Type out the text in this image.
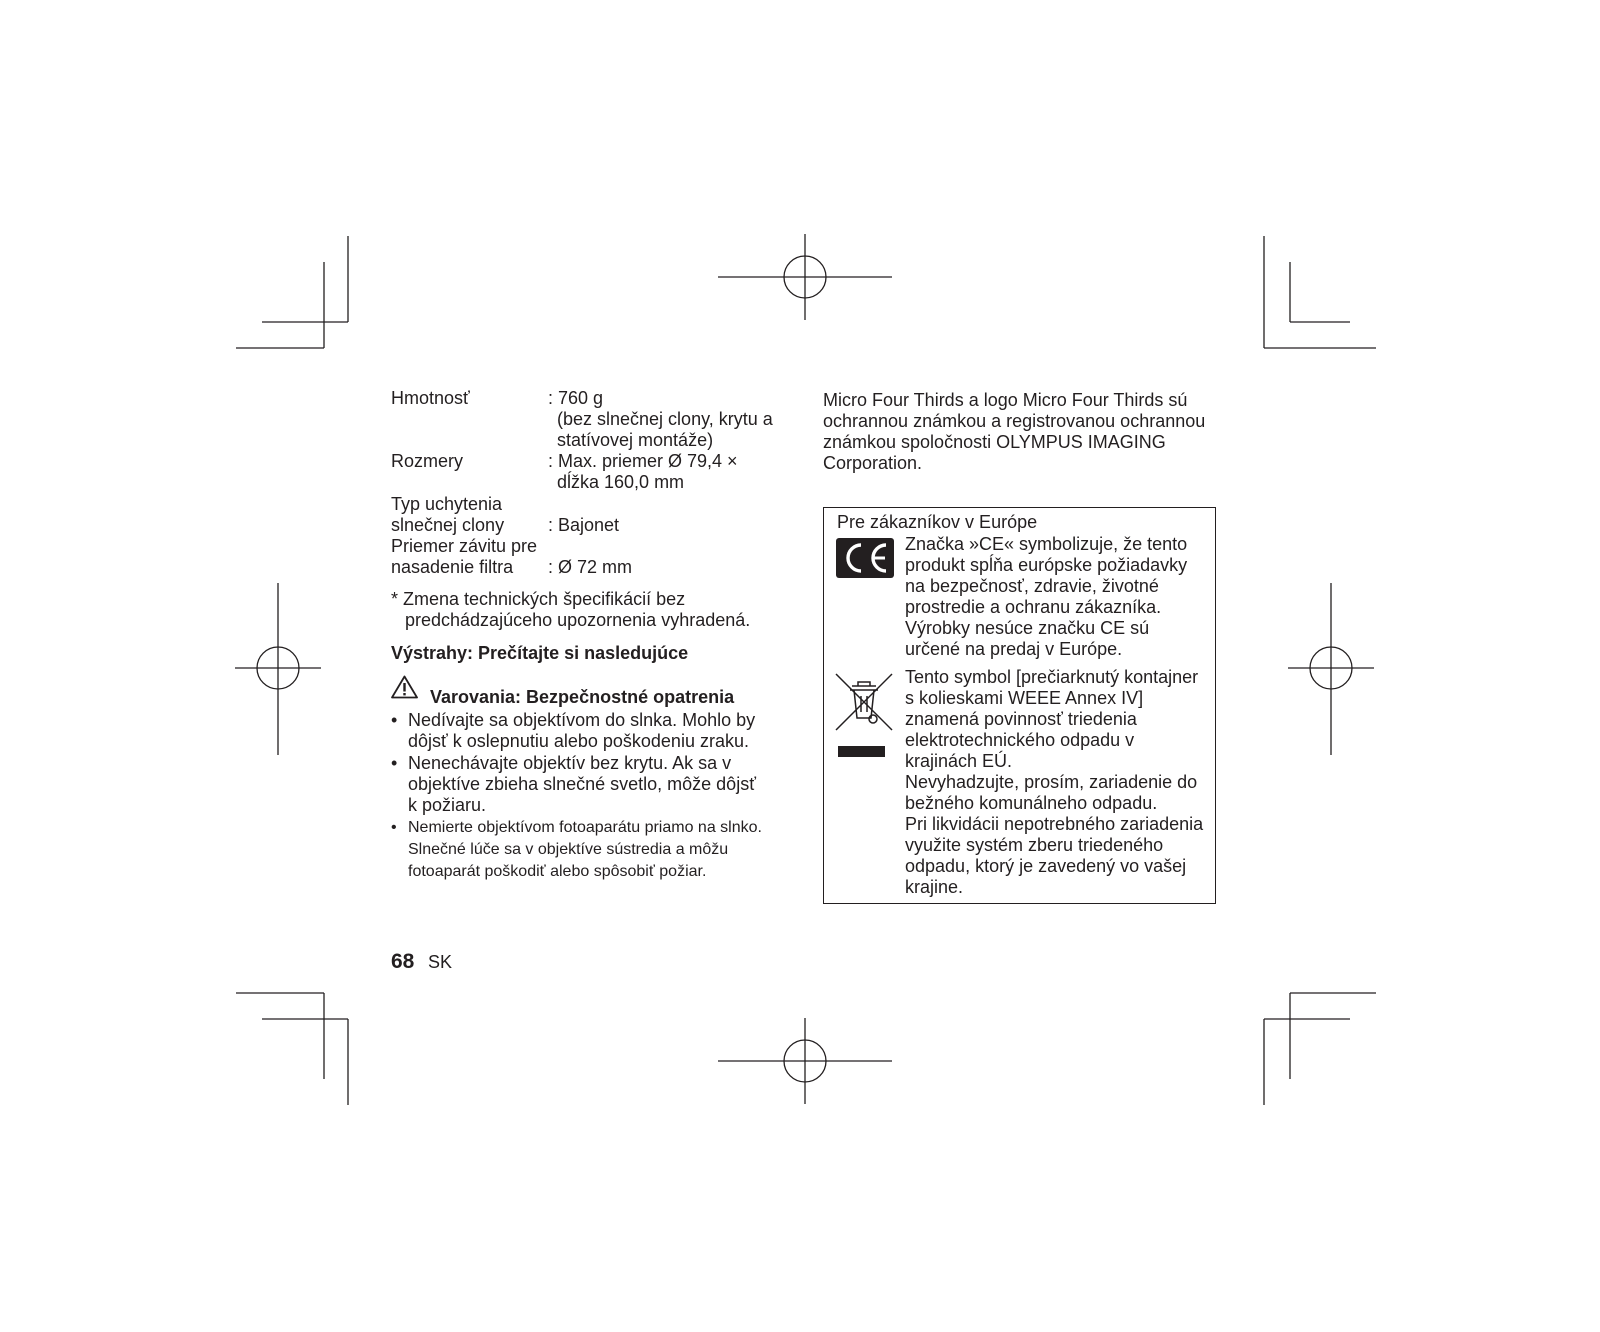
Hmotnosť	: 760 g
(bez slnečnej clony, krytu a
statívovej montáže)
Rozmery	: Max. priemer Ø 79,4 ×
dĺžka 160,0 mm
Typ uchytenia
slnečnej clony : Bajonet
Priemer závitu pre
nasadenie filtra : Ø 72 mm
* Zmena technických špecifikácií bez
predchádzajúceho upozornenia vyhradená.
Výstrahy: Prečítajte si nasledujúce
Varovania: Bezpečnostné opatrenia
• Nedívajte sa objektívom do slnka. Mohlo by
dôjsť k oslepnutiu alebo poškodeniu zraku.
• Nenechávajte objektív bez krytu. Ak sa v
objektíve zbieha slnečné svetlo, môže dôjsť
k požiaru.
• Nemierte objektívom fotoaparátu priamo na slnko.
Slnečné lúče sa v objektíve sústredia a môžu
fotoaparát poškodiť alebo spôsobiť požiar.
68 SK
Micro Four Thirds a logo Micro Four Thirds sú
ochrannou známkou a registrovanou ochrannou
známkou spoločnosti OLYMPUS IMAGING
Corporation.
Pre zákazníkov v Európe
Značka »CE« symbolizuje, že tento
produkt spĺňa európske požiadavky
na bezpečnosť, zdravie, životné
prostredie a ochranu zákazníka.
Výrobky nesúce značku CE sú
určené na predaj v Európe.
Tento symbol [prečiarknutý kontajner
s kolieskami WEEE Annex IV]
znamená povinnosť triedenia
elektrotechnického odpadu v
krajinách EÚ.
Nevyhadzujte, prosím, zariadenie do
bežného komunálneho odpadu.
Pri likvidácii nepotrebného zariadenia
využite systém zberu triedeného
odpadu, ktorý je zavedený vo vašej
krajine.
